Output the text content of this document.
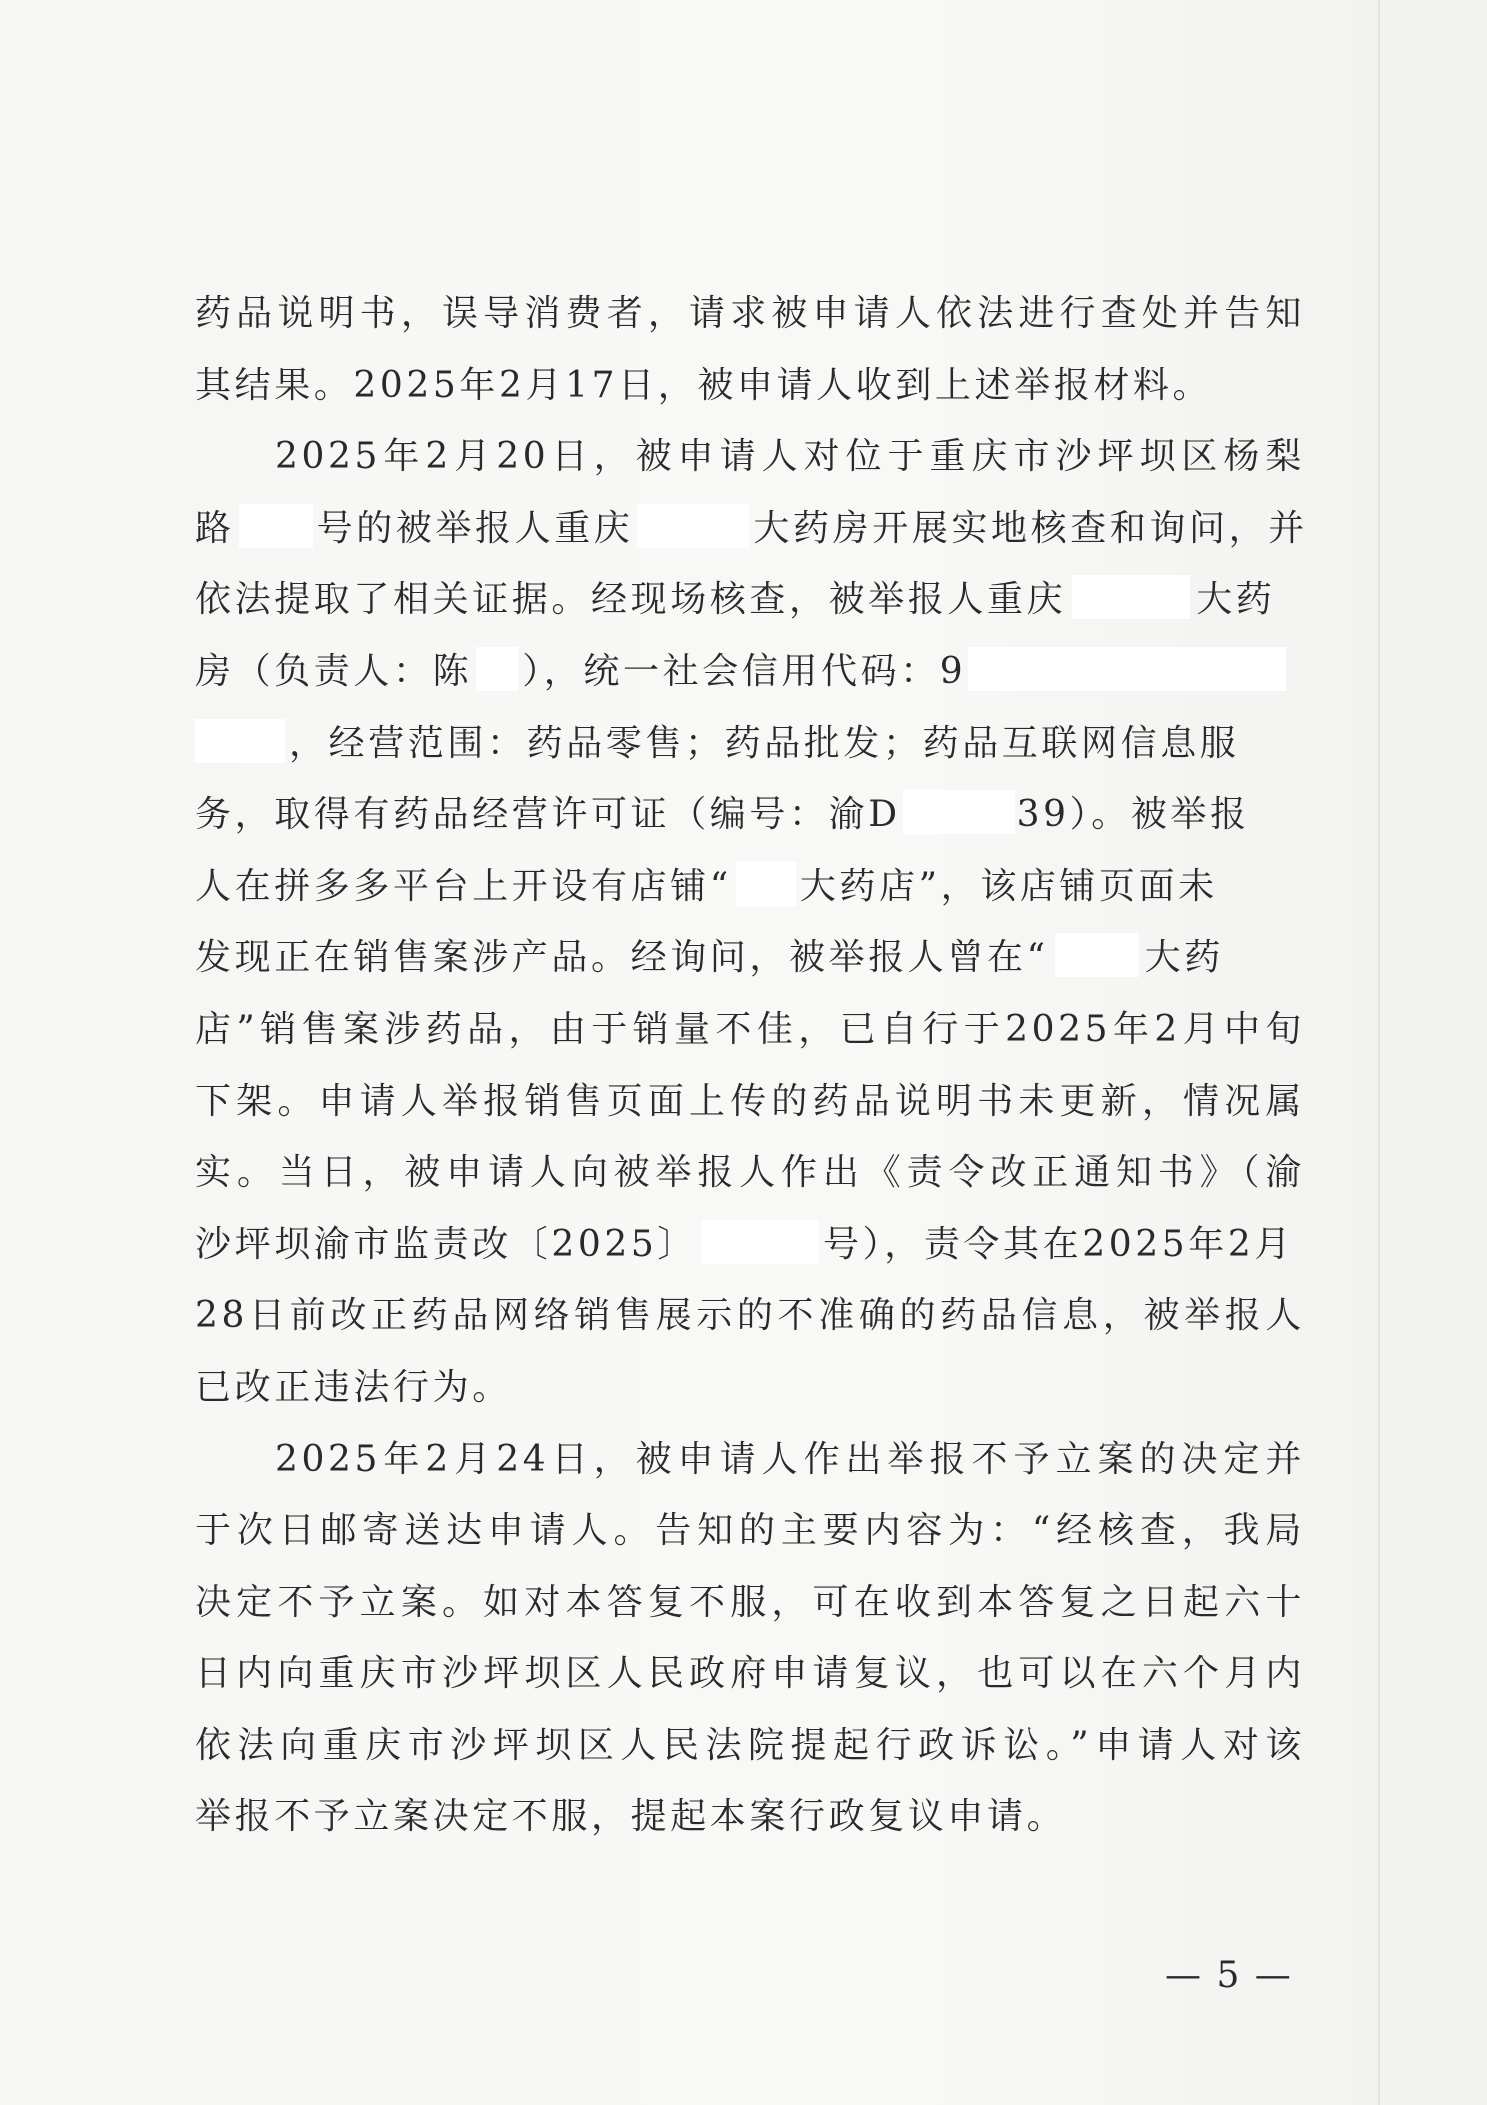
药品说明书，误导消费者，请求被申请人依法进行查处并告知
其结果。2025年2月17日，被申请人收到上述举报材料。
2025年2月20日，被申请人对位于重庆市沙坪坝区杨梨
路 号的被举报人重庆	大药房开展实地核查和询问，并
依法提取了相关证据。经现场核查，被举报人重庆	大药
房（负责人：陈 ），统一社会信用代码：9
，经营范围：药品零售；药品批发；药品互联网信息服
务，取得有药品经营许可证（编号：渝D	39）。被举报
人在拼多多平台上开设有店铺“ 大药店”，该店铺页面未
发现正在销售案涉产品。经询问，被举报人曾在“	大药
店”销售案涉药品，由于销量不佳，已自行于2025年2月中旬
下架。申请人举报销售页面上传的药品说明书未更新，情况属
实。当日，被申请人向被举报人作出《责令改正通知书》（渝
沙坪坝渝市监责改〔2025〕	号），责令其在2025年2月
28日前改正药品网络销售展示的不准确的药品信息，被举报人
已改正违法行为。
2025年2月24日，被申请人作出举报不予立案的决定并
于次日邮寄送达申请人。告知的主要内容为：“经核查，我局
决定不予立案。如对本答复不服，可在收到本答复之日起六十
日内向重庆市沙坪坝区人民政府申请复议，也可以在六个月内
依法向重庆市沙坪坝区人民法院提起行政诉讼。”申请人对该
举报不予立案决定不服，提起本案行政复议申请。
— 5 —
